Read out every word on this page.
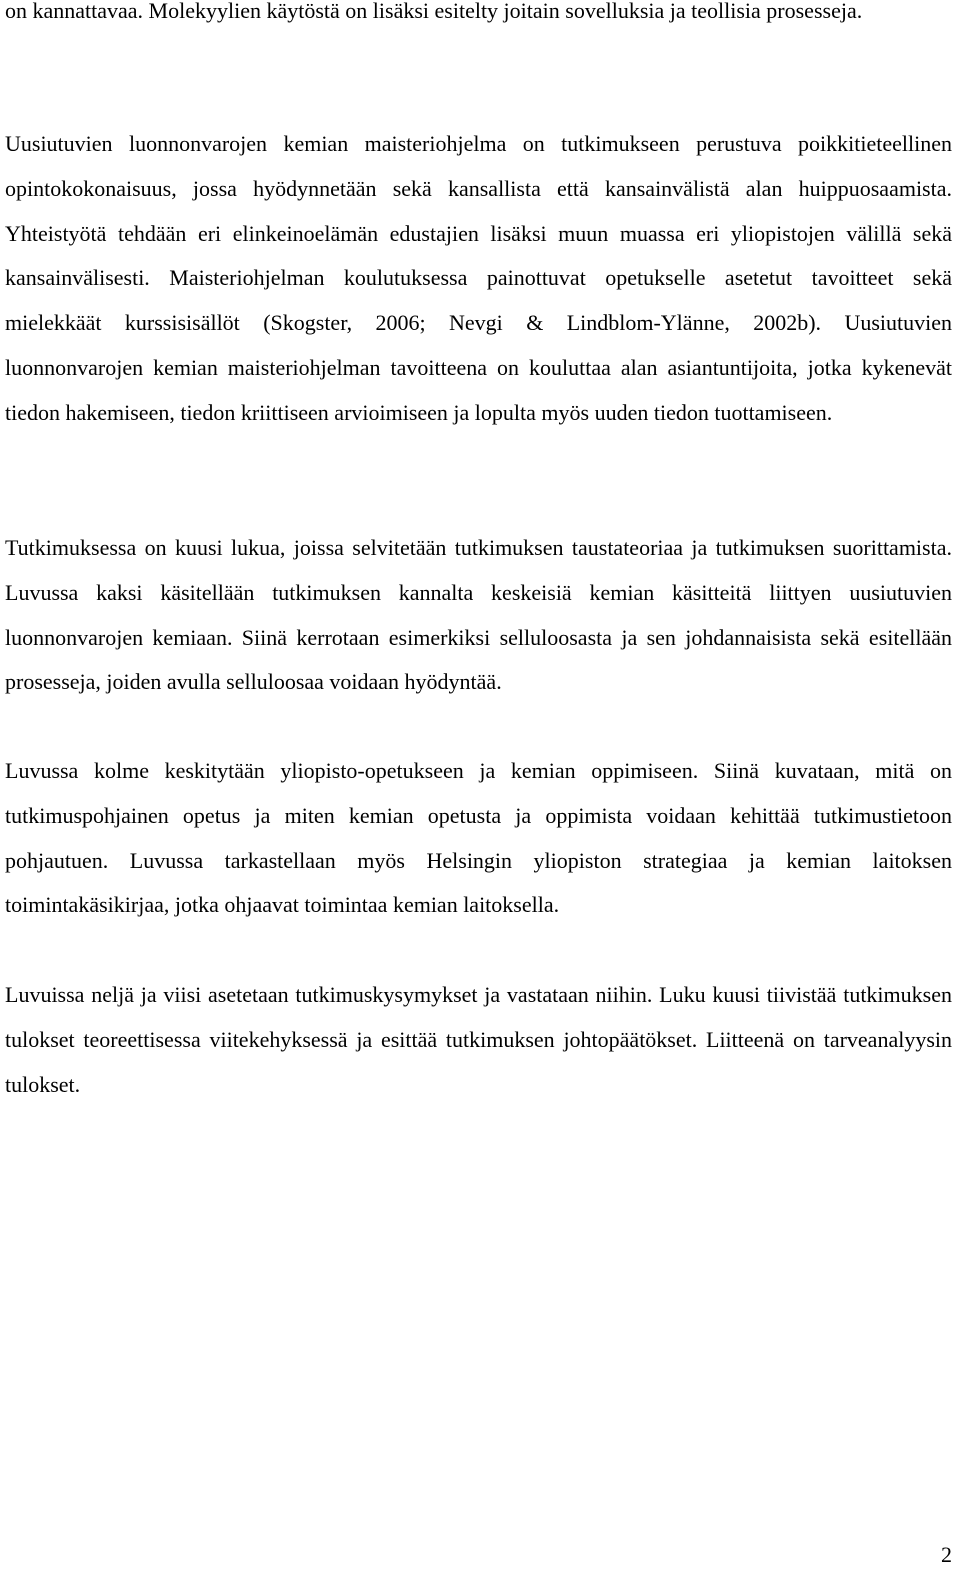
on kannattavaa. Molekyylien käytöstä on lisäksi esitelty joitain sovelluksia ja teollisia prosesseja.

Uusiutuvien luonnonvarojen kemian maisteriohjelma on tutkimukseen perustuva poikkitieteellinen opintokokonaisuus, jossa hyödynnetään sekä kansallista että kansainvälistä alan huippuosaamista. Yhteistyötä tehdään eri elinkeinoelämän edustajien lisäksi muun muassa eri yliopistojen välillä sekä kansainvälisesti. Maisteriohjelman koulutuksessa painottuvat opetukselle asetetut tavoitteet sekä mielekkäät kurssisisällöt (Skogster, 2006; Nevgi & Lindblom-Ylänne, 2002b). Uusiutuvien luonnonvarojen kemian maisteriohjelman tavoitteena on kouluttaa alan asiantuntijoita, jotka kykenevät tiedon hakemiseen, tiedon kriittiseen arvioimiseen ja lopulta myös uuden tiedon tuottamiseen.

Tutkimuksessa on kuusi lukua, joissa selvitetään tutkimuksen taustateoriaa ja tutkimuksen suorittamista. Luvussa kaksi käsitellään tutkimuksen kannalta keskeisiä kemian käsitteitä liittyen uusiutuvien luonnonvarojen kemiaan. Siinä kerrotaan esimerkiksi selluloosasta ja sen johdannaisista sekä esitellään prosesseja, joiden avulla selluloosaa voidaan hyödyntää.

Luvussa kolme keskitytään yliopisto-opetukseen ja kemian oppimiseen. Siinä kuvataan, mitä on tutkimuspohjainen opetus ja miten kemian opetusta ja oppimista voidaan kehittää tutkimustietoon pohjautuen. Luvussa tarkastellaan myös Helsingin yliopiston strategiaa ja kemian laitoksen toimintakäsikirjaa, jotka ohjaavat toimintaa kemian laitoksella.

Luvuissa neljä ja viisi asetetaan tutkimuskysymykset ja vastataan niihin. Luku kuusi tiivistää tutkimuksen tulokset teoreettisessa viitekehyksessä ja esittää tutkimuksen johtopäätökset. Liitteenä on tarveanalyysin tulokset.

2
